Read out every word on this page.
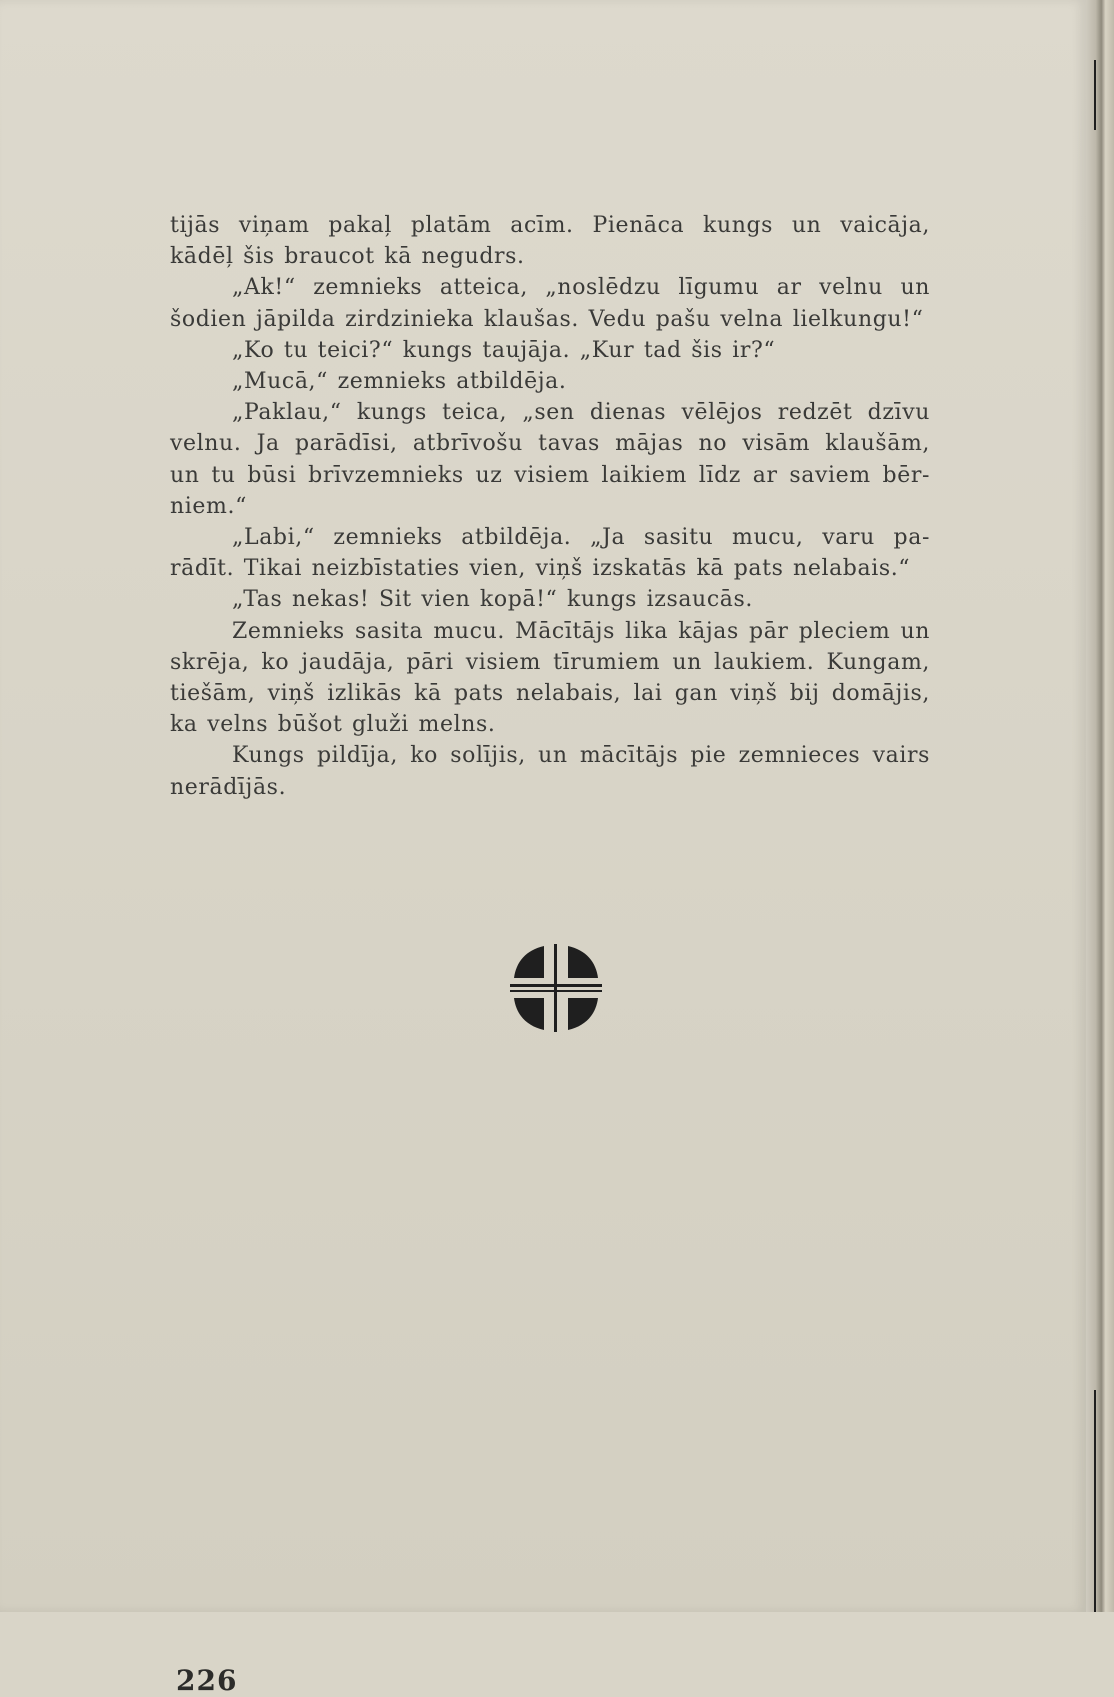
tijās viņam pakaļ platām acīm. Pienāca kungs un vaicāja,
kādēļ šis braucot kā negudrs.
„Ak!“ zemnieks atteica, „noslēdzu līgumu ar velnu un
šodien jāpilda zirdzinieka klaušas. Vedu pašu velna lielkungu!“
„Ko tu teici?“ kungs taujāja. „Kur tad šis ir?“
„Mucā,“ zemnieks atbildēja.
„Paklau,“ kungs teica, „sen dienas vēlējos redzēt dzīvu
velnu. Ja parādīsi, atbrīvošu tavas mājas no visām klaušām,
un tu būsi brīvzemnieks uz visiem laikiem līdz ar saviem bēr-
niem.“
„Labi,“ zemnieks atbildēja. „Ja sasitu mucu, varu pa-
rādīt. Tikai neizbīstaties vien, viņš izskatās kā pats nelabais.“
„Tas nekas! Sit vien kopā!“ kungs izsaucās.
Zemnieks sasita mucu. Mācītājs lika kājas pār pleciem un
skrēja, ko jaudāja, pāri visiem tīrumiem un laukiem. Kungam,
tiešām, viņš izlikās kā pats nelabais, lai gan viņš bij domājis,
ka velns būšot gluži melns.
Kungs pildīja, ko solījis, un mācītājs pie zemnieces vairs
nerādījās.
226
